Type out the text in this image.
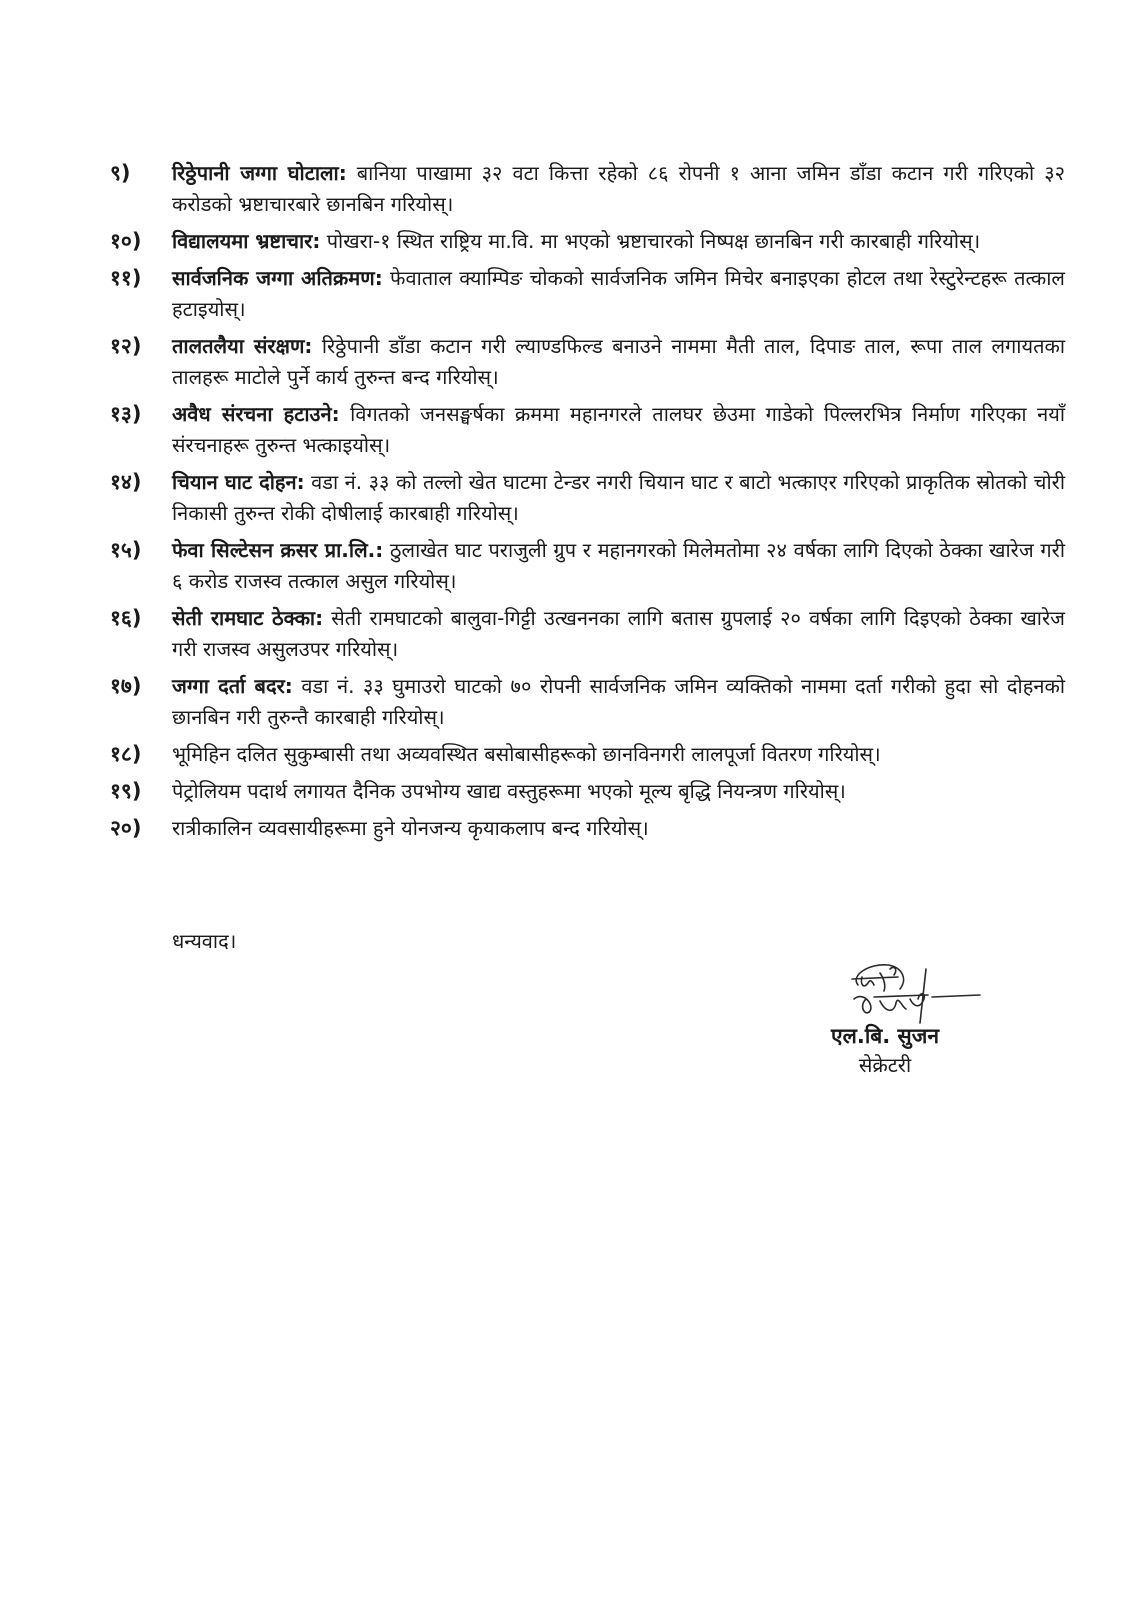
९)	रिठ्ठेपानी जग्गा घोटाला: बानिया पाखामा ३२ वटा कित्ता रहेको ८६ रोपनी १ आना जमिन डाँडा कटान गरी गरिएको ३२ करोडको भ्रष्टाचारबारे छानबिन गरियोस्।
१०)	विद्यालयमा भ्रष्टाचार: पोखरा-१ स्थित राष्ट्रिय मा.वि. मा भएको भ्रष्टाचारको निष्पक्ष छानबिन गरी कारबाही गरियोस्।
११)	सार्वजनिक जग्गा अतिक्रमण: फेवाताल क्याम्पिङ चोकको सार्वजनिक जमिन मिचेर बनाइएका होटल तथा रेस्टुरेन्टहरू तत्काल हटाइयोस्।
१२)	तालतलैया संरक्षण: रिठ्ठेपानी डाँडा कटान गरी ल्याण्डफिल्ड बनाउने नाममा मैती ताल, दिपाङ ताल, रूपा ताल लगायतका तालहरू माटोले पुर्ने कार्य तुरुन्त बन्द गरियोस्।
१३)	अवैध संरचना हटाउने: विगतको जनसङ्घर्षका क्रममा महानगरले तालघर छेउमा गाडेको पिल्लरभित्र निर्माण गरिएका नयाँ संरचनाहरू तुरुन्त भत्काइयोस्।
१४)	चियान घाट दोहन: वडा नं. ३३ को तल्लो खेत घाटमा टेन्डर नगरी चियान घाट र बाटो भत्काएर गरिएको प्राकृतिक स्रोतको चोरी निकासी तुरुन्त रोकी दोषीलाई कारबाही गरियोस्।
१५)	फेवा सिल्टेसन क्रसर प्रा.लि.: ठुलाखेत घाट पराजुली ग्रुप र महानगरको मिलेमतोमा २४ वर्षका लागि दिएको ठेक्का खारेज गरी ६ करोड राजस्व तत्काल असुल गरियोस्।
१६)	सेती रामघाट ठेक्का: सेती रामघाटको बालुवा-गिट्टी उत्खननका लागि बतास ग्रुपलाई २० वर्षका लागि दिइएको ठेक्का खारेज गरी राजस्व असुलउपर गरियोस्।
१७)	जग्गा दर्ता बदर: वडा नं. ३३ घुमाउरो घाटको ७० रोपनी सार्वजनिक जमिन व्यक्तिको नाममा दर्ता गरीको हुदा सो दोहनको छानबिन गरी तुरुन्तै कारबाही गरियोस्।
१८)	भूमिहिन दलित सुकुम्बासी तथा अव्यवस्थित बसोबासीहरूको छानविनगरी लालपूर्जा वितरण गरियोस्।
१९)	पेट्रोलियम पदार्थ लगायत दैनिक उपभोग्य खाद्य वस्तुहरूमा भएको मूल्य बृद्धि नियन्त्रण गरियोस्।
२०)	रात्रीकालिन व्यवसायीहरूमा हुने योनजन्य कृयाकलाप बन्द गरियोस्।
धन्यवाद।
एल.बि. सुजन
सेक्रेटरी
